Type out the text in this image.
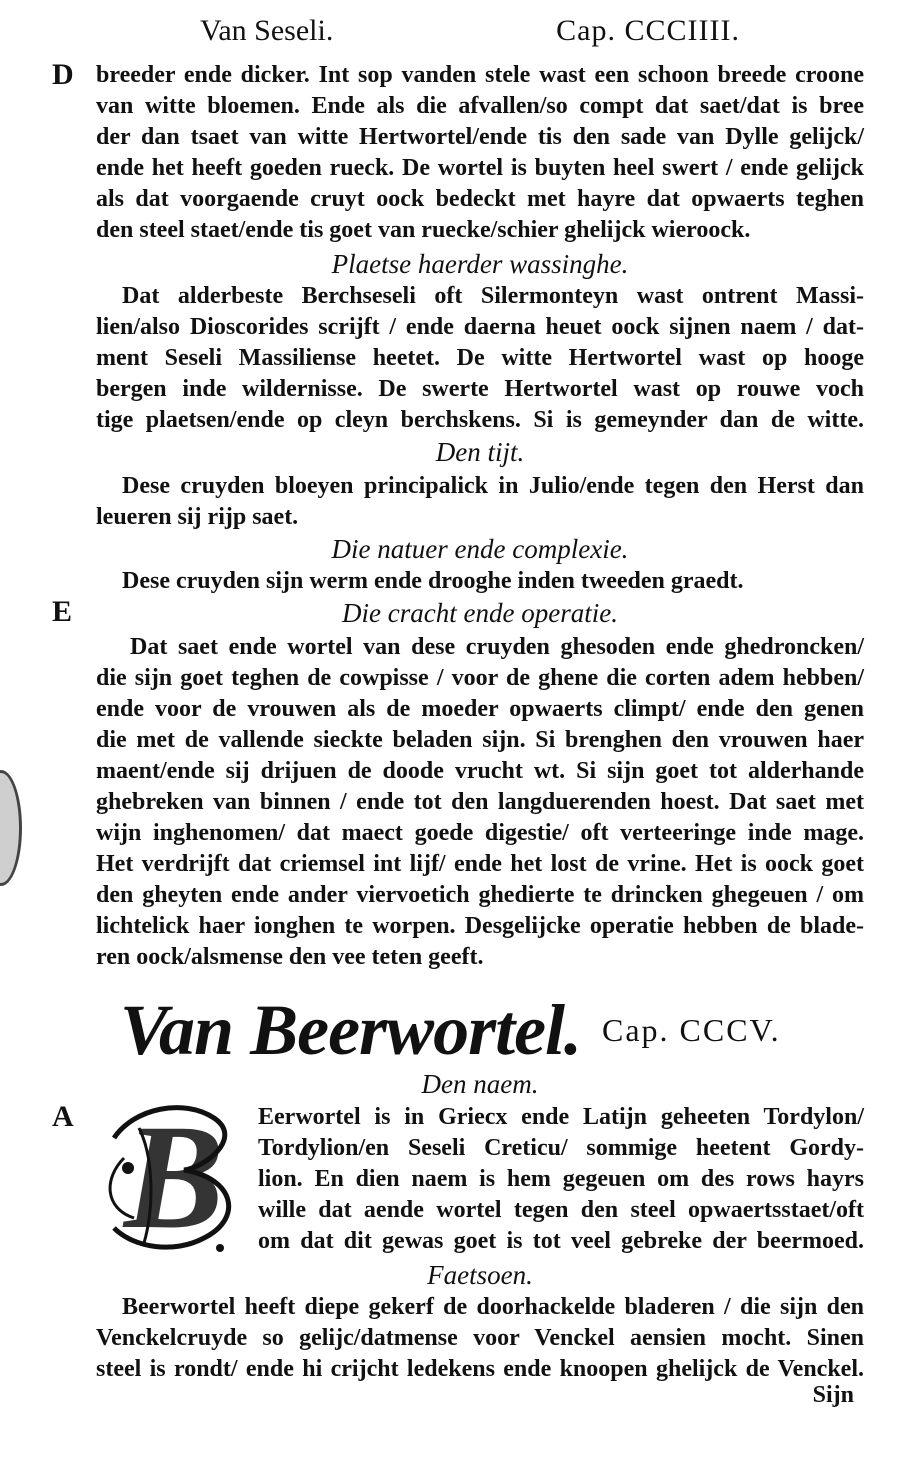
Van Seseli.	Cap. CCCIIII.
D breeder ende dicker. Int sop vanden stele wast een schoon breede croone
van witte bloemen. Ende als die afvallen/so compt dat saet/dat is bree
der dan tsaet van witte Hertwortel/ende tis den sade van Dylle gelijck/
ende het heeft goeden rueck. De wortel is buyten heel swert / ende gelijck
als dat voorgaende cruyt oock bedeckt met hayre dat opwaerts teghen
den steel staet/ende tis goet van ruecke/schier ghelijck wieroock.
Plaetse haerder wassinghe.
Dat alderbeste Berchseseli oft Silermonteyn wast ontrent Massi-
lien/also Dioscorides scrijft / ende daerna heuet oock sijnen naem / dat-
ment Seseli Massiliense heetet. De witte Hertwortel wast op hooge
bergen inde wildernisse. De swerte Hertwortel wast op rouwe voch
tige plaetsen/ende op cleyn berchskens. Si is gemeynder dan de witte.
Den tijt.
Dese cruyden bloeyen principalick in Julio/ende tegen den Herst dan
leueren sij rijp saet.
Die natuer ende complexie.
Dese cruyden sijn werm ende drooghe inden tweeden graedt.
E	Die cracht ende operatie.
Dat saet ende wortel van dese cruyden ghesoden ende ghedroncken/
die sijn goet teghen de cowpisse / voor de ghene die corten adem hebben/
ende voor de vrouwen als de moeder opwaerts climpt/ ende den genen
die met de vallende sieckte beladen sijn. Si brenghen den vrouwen haer
maent/ende sij drijuen de doode vrucht wt. Si sijn goet tot alderhande
ghebreken van binnen / ende tot den langduerenden hoest. Dat saet met
wijn inghenomen/ dat maect goede digestie/ oft verteeringe inde mage.
Het verdrijft dat criemsel int lijf/ ende het lost de vrine. Het is oock goet
den gheyten ende ander viervoetich ghedierte te drincken ghegeuen / om
lichtelick haer ionghen te worpen. Desgelijcke operatie hebben de blade-
ren oock/alsmense den vee teten geeft.
Van Beerwortel. Cap. CCCV.
Den naem.
A B	Eerwortel is in Griecx ende Latijn geheeten Tordylon/
Tordylion/en Seseli Creticu/ sommige heetent Gordy-
lion. En dien naem is hem gegeuen om des rows hayrs
wille dat aende wortel tegen den steel opwaertsstaet/oft
om dat dit gewas goet is tot veel gebreke der beermoed.
Faetsoen.
Beerwortel heeft diepe gekerf de doorhackelde bladeren / die sijn den
Venckelcruyde so gelijc/datmense voor Venckel aensien mocht. Sinen
steel is rondt/ ende hi crijcht ledekens ende knoopen ghelijck de Venckel.
Sijn
